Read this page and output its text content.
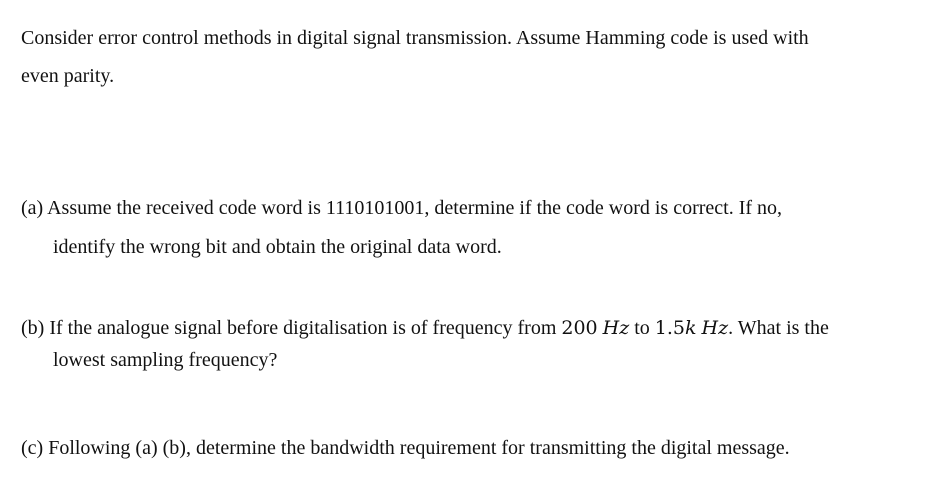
Consider error control methods in digital signal transmission. Assume Hamming code is used with
even parity.
(a) Assume the received code word is 1110101001, determine if the code word is correct. If no,
identify the wrong bit and obtain the original data word.
(b) If the analogue signal before digitalisation is of frequency from 200 Hz to 1.5k Hz. What is the
lowest sampling frequency?
(c) Following (a) (b), determine the bandwidth requirement for transmitting the digital message.
